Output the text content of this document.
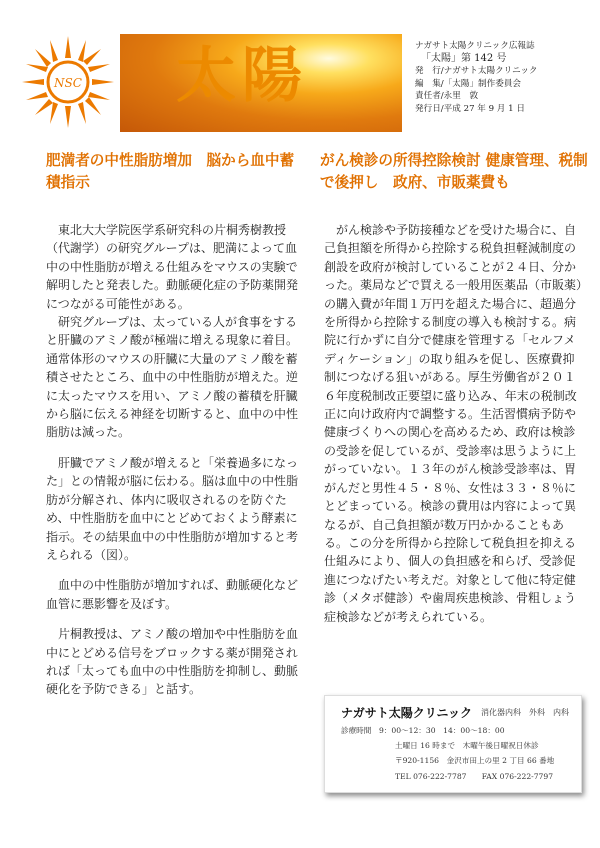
NSC 太陽	ナガサト太陽クリニック広報誌
「太陽」第 142 号
発　行/ナガサト太陽クリニック
編　集/「太陽」制作委員会
責任者/永里　敦
発行日/平成 27 年 9 月 1 日
肥満者の中性脂肪増加　脳から血中蓄積指示

東北大大学院医学系研究科の片桐秀樹教授（代謝学）の研究グループは、肥満によって血中の中性脂肪が増える仕組みをマウスの実験で解明したと発表した。動脈硬化症の予防薬開発につながる可能性がある。

研究グループは、太っている人が食事をすると肝臓のアミノ酸が極端に増える現象に着目。通常体形のマウスの肝臓に大量のアミノ酸を蓄積させたところ、血中の中性脂肪が増えた。逆に太ったマウスを用い、アミノ酸の蓄積を肝臓から脳に伝える神経を切断すると、血中の中性脂肪は減った。

肝臓でアミノ酸が増えると「栄養過多になった」との情報が脳に伝わる。脳は血中の中性脂肪が分解され、体内に吸収されるのを防ぐため、中性脂肪を血中にとどめておくよう酵素に指示。その結果血中の中性脂肪が増加すると考えられる（図）。

血中の中性脂肪が増加すれば、動脈硬化など血管に悪影響を及ぼす。

片桐教授は、アミノ酸の増加や中性脂肪を血中にとどめる信号をブロックする薬が開発されれば「太っても血中の中性脂肪を抑制し、動脈硬化を予防できる」と話す。

がん検診の所得控除検討 健康管理、税制で後押し　政府、市販薬費も

がん検診や予防接種などを受けた場合に、自己負担額を所得から控除する税負担軽減制度の創設を政府が検討していることが２４日、分かった。薬局などで買える一般用医薬品（市販薬）の購入費が年間１万円を超えた場合に、超過分を所得から控除する制度の導入も検討する。病院に行かずに自分で健康を管理する「セルフメディケーション」の取り組みを促し、医療費抑制につなげる狙いがある。厚生労働省が２０１６年度税制改正要望に盛り込み、年末の税制改正に向け政府内で調整する。生活習慣病予防や健康づくりへの関心を高めるため、政府は検診の受診を促しているが、受診率は思うように上がっていない。１３年のがん検診受診率は、胃がんだと男性４５・８％、女性は３３・８％にとどまっている。検診の費用は内容によって異なるが、自己負担額が数万円かかることもある。この分を所得から控除して税負担を抑える仕組みにより、個人の負担感を和らげ、受診促進につなげたい考えだ。対象として他に特定健診（メタボ健診）や歯周疾患検診、骨粗しょう症検診などが考えられている。

ナガサト太陽クリニック 消化器内科　外科　内科
診療時間　9：00〜12：30　14：00〜18：00
土曜日 16 時まで　木曜午後日曜祝日休診
〒920-1156　金沢市田上の里 2 丁目 66 番地
TEL 076-222-7787　　FAX 076-222-7797
